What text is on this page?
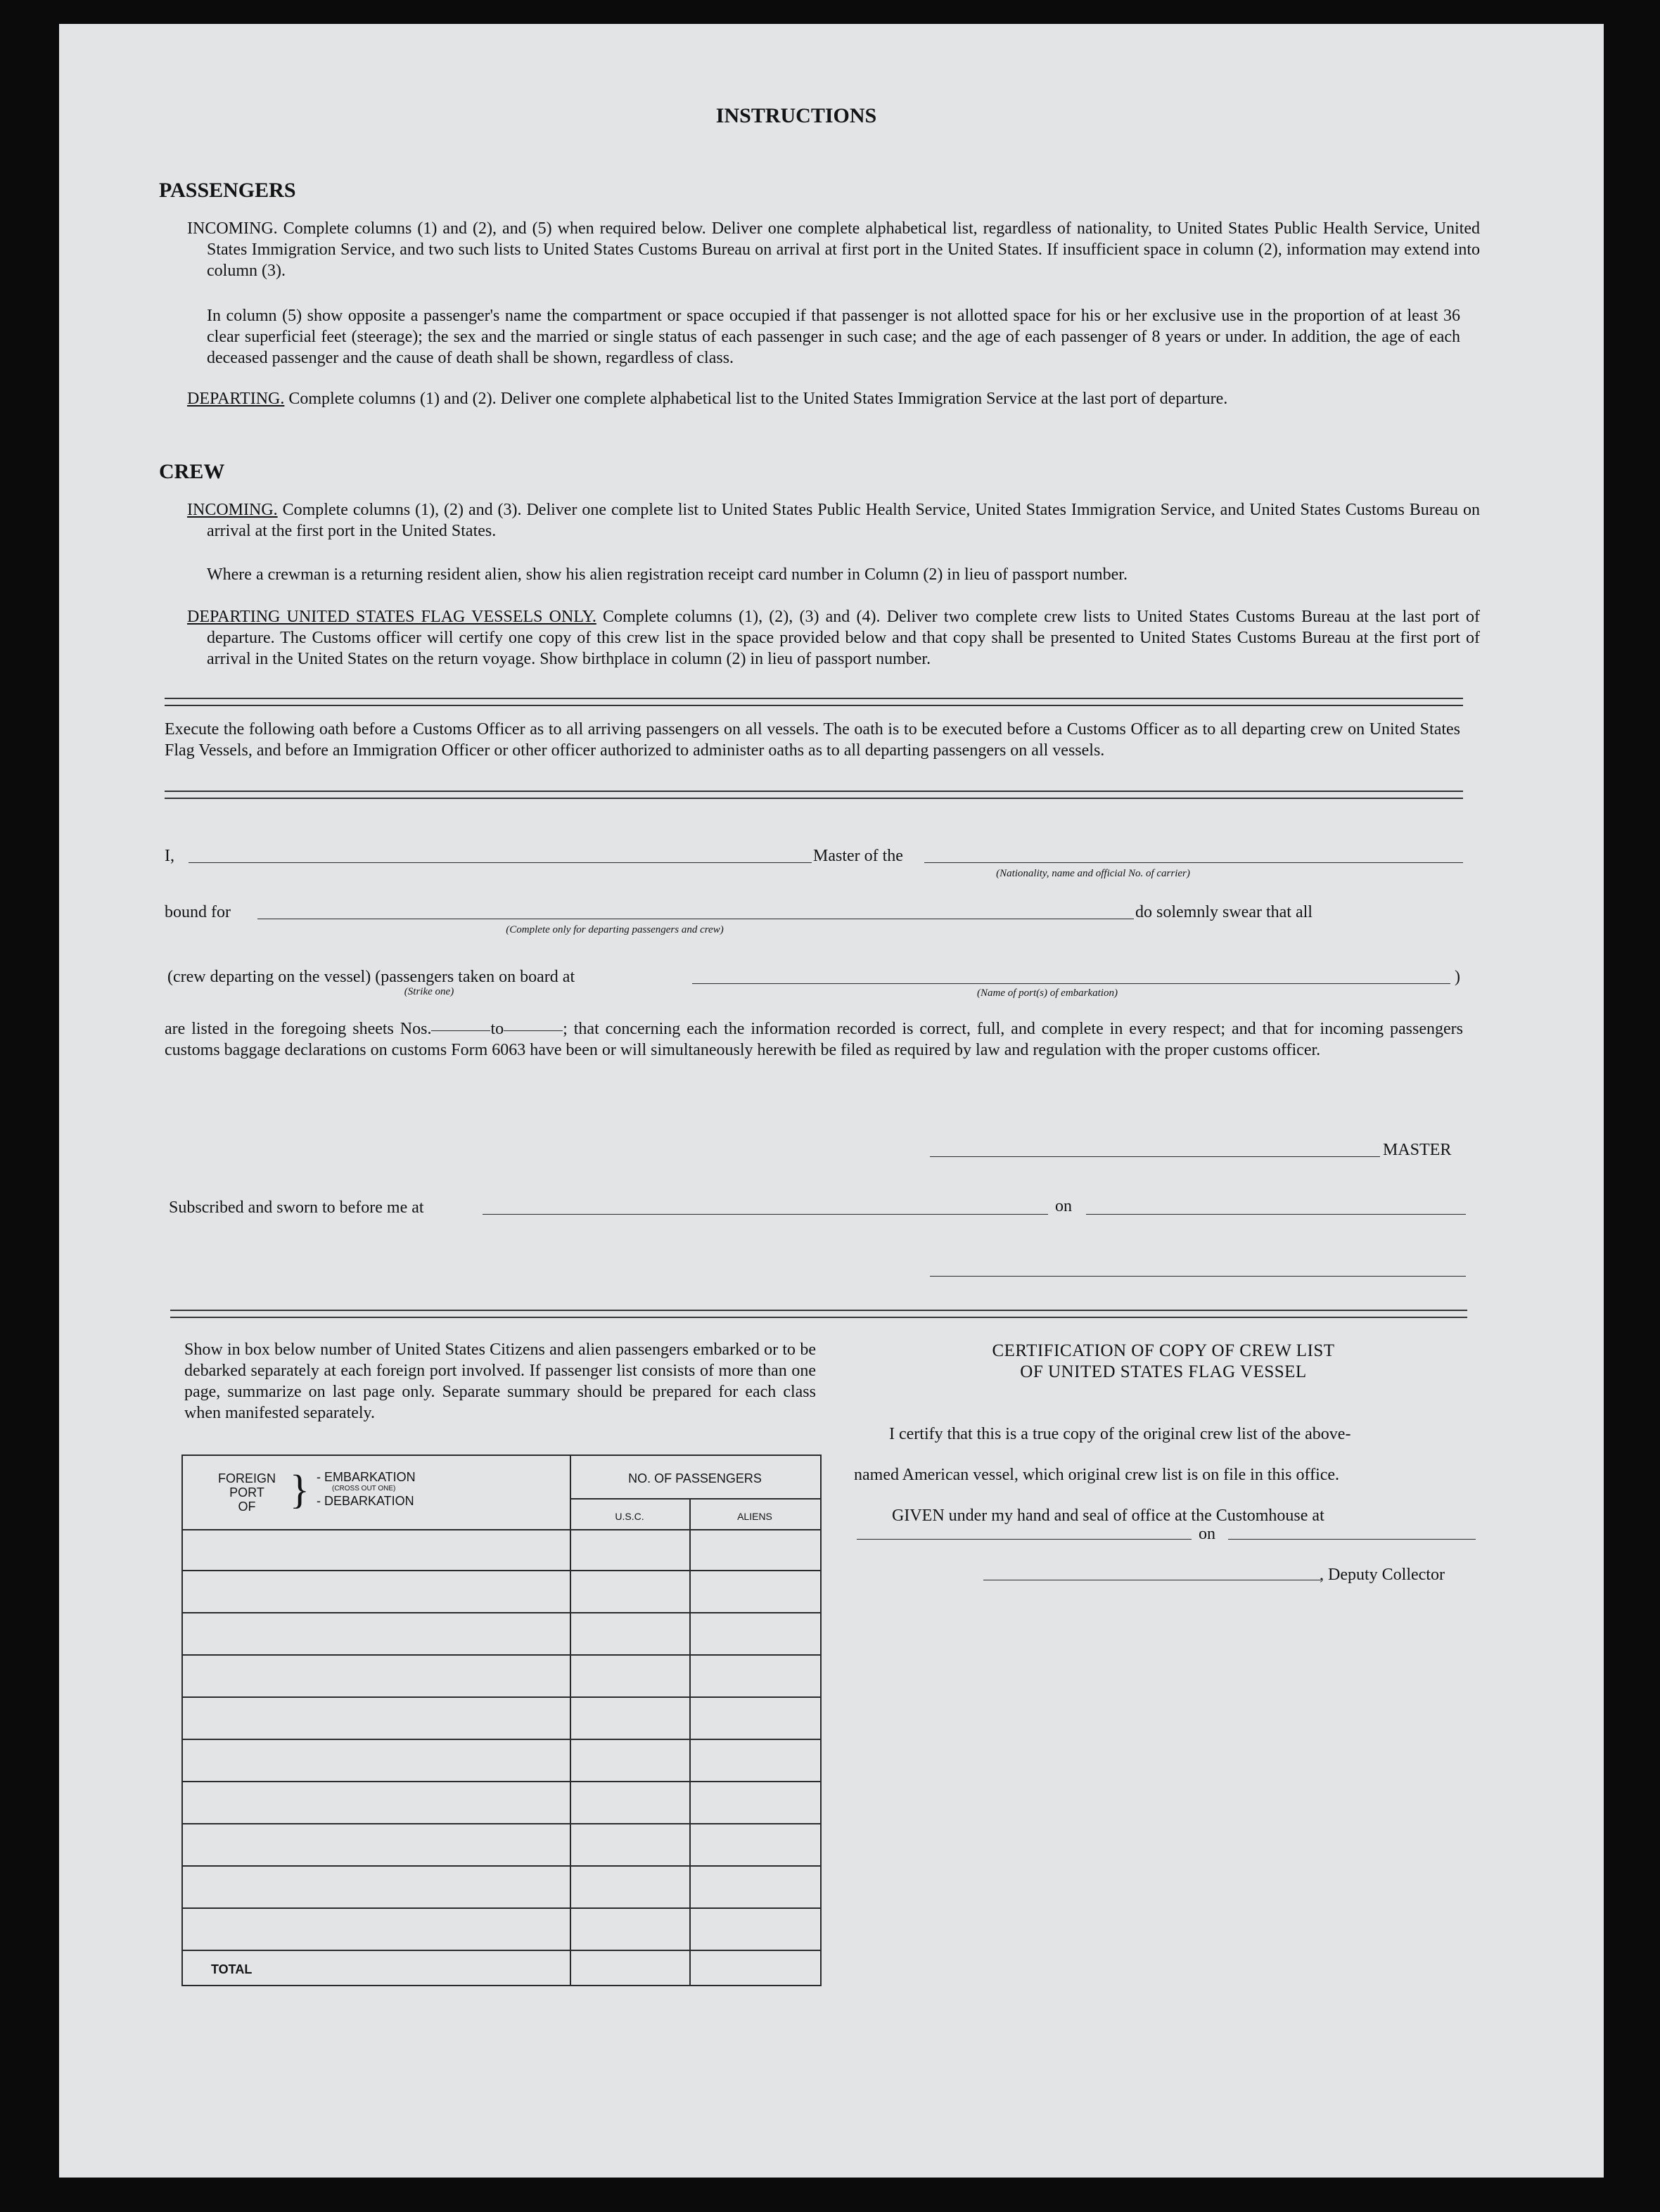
INSTRUCTIONS
PASSENGERS
INCOMING. Complete columns (1) and (2), and (5) when required below. Deliver one complete alphabetical list, regardless of nationality, to United States Public Health Service, United States Immigration Service, and two such lists to United States Customs Bureau on arrival at first port in the United States. If insufficient space in column (2), information may extend into column (3).
In column (5) show opposite a passenger's name the compartment or space occupied if that passenger is not allotted space for his or her exclusive use in the proportion of at least 36 clear superficial feet (steerage); the sex and the married or single status of each passenger in such case; and the age of each passenger of 8 years or under. In addition, the age of each deceased passenger and the cause of death shall be shown, regardless of class.
DEPARTING. Complete columns (1) and (2). Deliver one complete alphabetical list to the United States Immigration Service at the last port of departure.
CREW
INCOMING. Complete columns (1), (2) and (3). Deliver one complete list to United States Public Health Service, United States Immigration Service, and United States Customs Bureau on arrival at the first port in the United States.
Where a crewman is a returning resident alien, show his alien registration receipt card number in Column (2) in lieu of passport number.
DEPARTING UNITED STATES FLAG VESSELS ONLY. Complete columns (1), (2), (3) and (4). Deliver two complete crew lists to United States Customs Bureau at the last port of departure. The Customs officer will certify one copy of this crew list in the space provided below and that copy shall be presented to United States Customs Bureau at the first port of arrival in the United States on the return voyage. Show birthplace in column (2) in lieu of passport number.
Execute the following oath before a Customs Officer as to all arriving passengers on all vessels. The oath is to be executed before a Customs Officer as to all departing crew on United States Flag Vessels, and before an Immigration Officer or other officer authorized to administer oaths as to all departing passengers on all vessels.
I,	Master of the
(Nationality, name and official No. of carrier)
bound for
(Complete only for departing passengers and crew)
do solemnly swear that all
(crew departing on the vessel) (passengers taken on board at
(Strike one)
)
(Name of port(s) of embarkation)
are listed in the foregoing sheets Nos.	to	; that concerning each the information recorded is correct, full, and complete in every respect; and that for incoming passengers customs baggage declarations on customs Form 6063 have been or will simultaneously herewith be filed as required by law and regulation with the proper customs officer.
MASTER
Subscribed and sworn to before me at	on
Show in box below number of United States Citizens and alien passengers embarked or to be debarked separately at each foreign port involved. If passenger list consists of more than one page, summarize on last page only. Separate summary should be prepared for each class when manifested separately.
FOREIGN
PORT
OF } - EMBARKATION
(CROSS OUT ONE)
- DEBARKATION
NO. OF PASSENGERS
U.S.C.	ALIENS
TOTAL
CERTIFICATION OF COPY OF CREW LIST
OF UNITED STATES FLAG VESSEL
I certify that this is a true copy of the original crew list of the above-
named American vessel, which original crew list is on file in this office.
GIVEN under my hand and seal of office at the Customhouse at
on
, Deputy Collector
